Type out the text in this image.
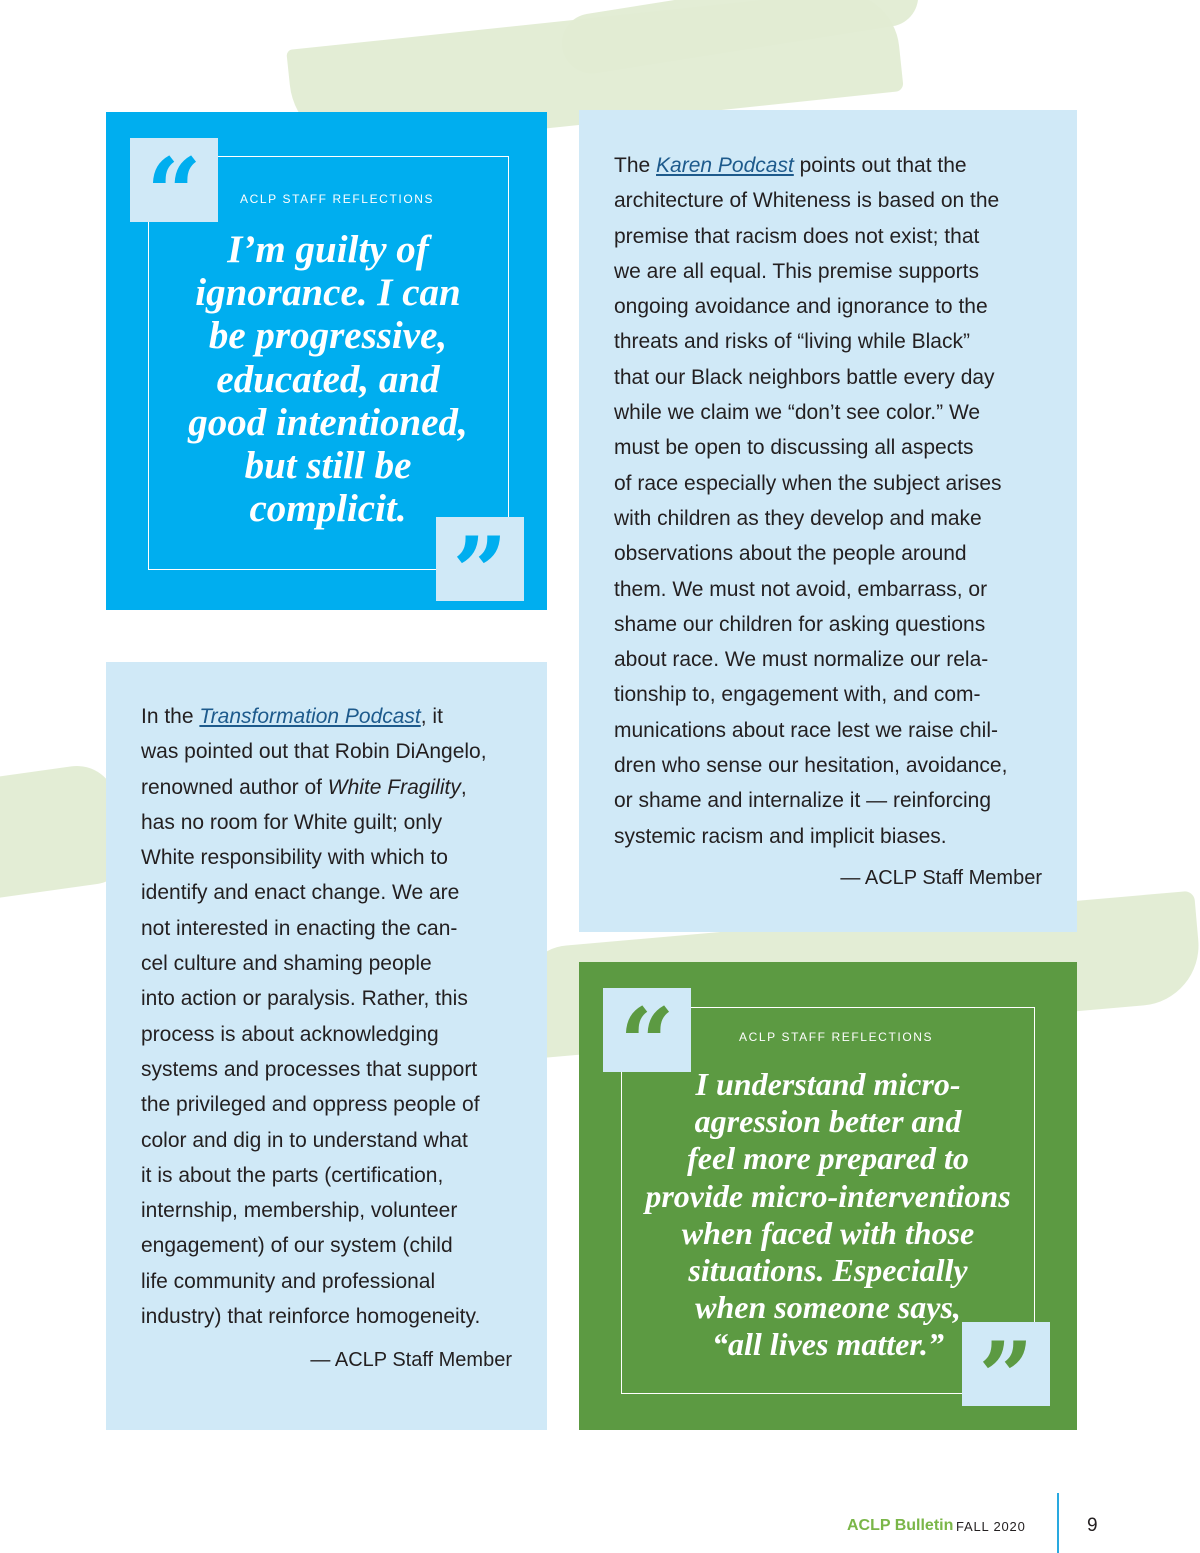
“
”
ACLP STAFF REFLECTIONS
I’m guilty of
ignorance. I can
be progressive,
educated, and
good intentioned,
but still be
complicit.
The Karen Podcast points out that the
architecture of Whiteness is based on the
premise that racism does not exist; that
we are all equal. This premise supports
ongoing avoidance and ignorance to the
threats and risks of “living while Black”
that our Black neighbors battle every day
while we claim we “don’t see color.” We
must be open to discussing all aspects
of race especially when the subject arises
with children as they develop and make
observations about the people around
them. We must not avoid, embarrass, or
shame our children for asking questions
about race. We must normalize our rela-
tionship to, engagement with, and com-
munications about race lest we raise chil-
dren who sense our hesitation, avoidance,
or shame and internalize it — reinforcing
systemic racism and implicit biases.
— ACLP Staff Member
In the Transformation Podcast, it
was pointed out that Robin DiAngelo,
renowned author of White Fragility,
has no room for White guilt; only
White responsibility with which to
identify and enact change. We are
not interested in enacting the can-
cel culture and shaming people
into action or paralysis. Rather, this
process is about acknowledging
systems and processes that support
the privileged and oppress people of
color and dig in to understand what
it is about the parts (certification,
internship, membership, volunteer
engagement) of our system (child
life community and professional
industry) that reinforce homogeneity.
— ACLP Staff Member
“
”
ACLP STAFF REFLECTIONS
I understand micro-
agression better and
feel more prepared to
provide micro-interventions
when faced with those
situations. Especially
when someone says,
“all lives matter.”
ACLP Bulletin FALL 2020	9
